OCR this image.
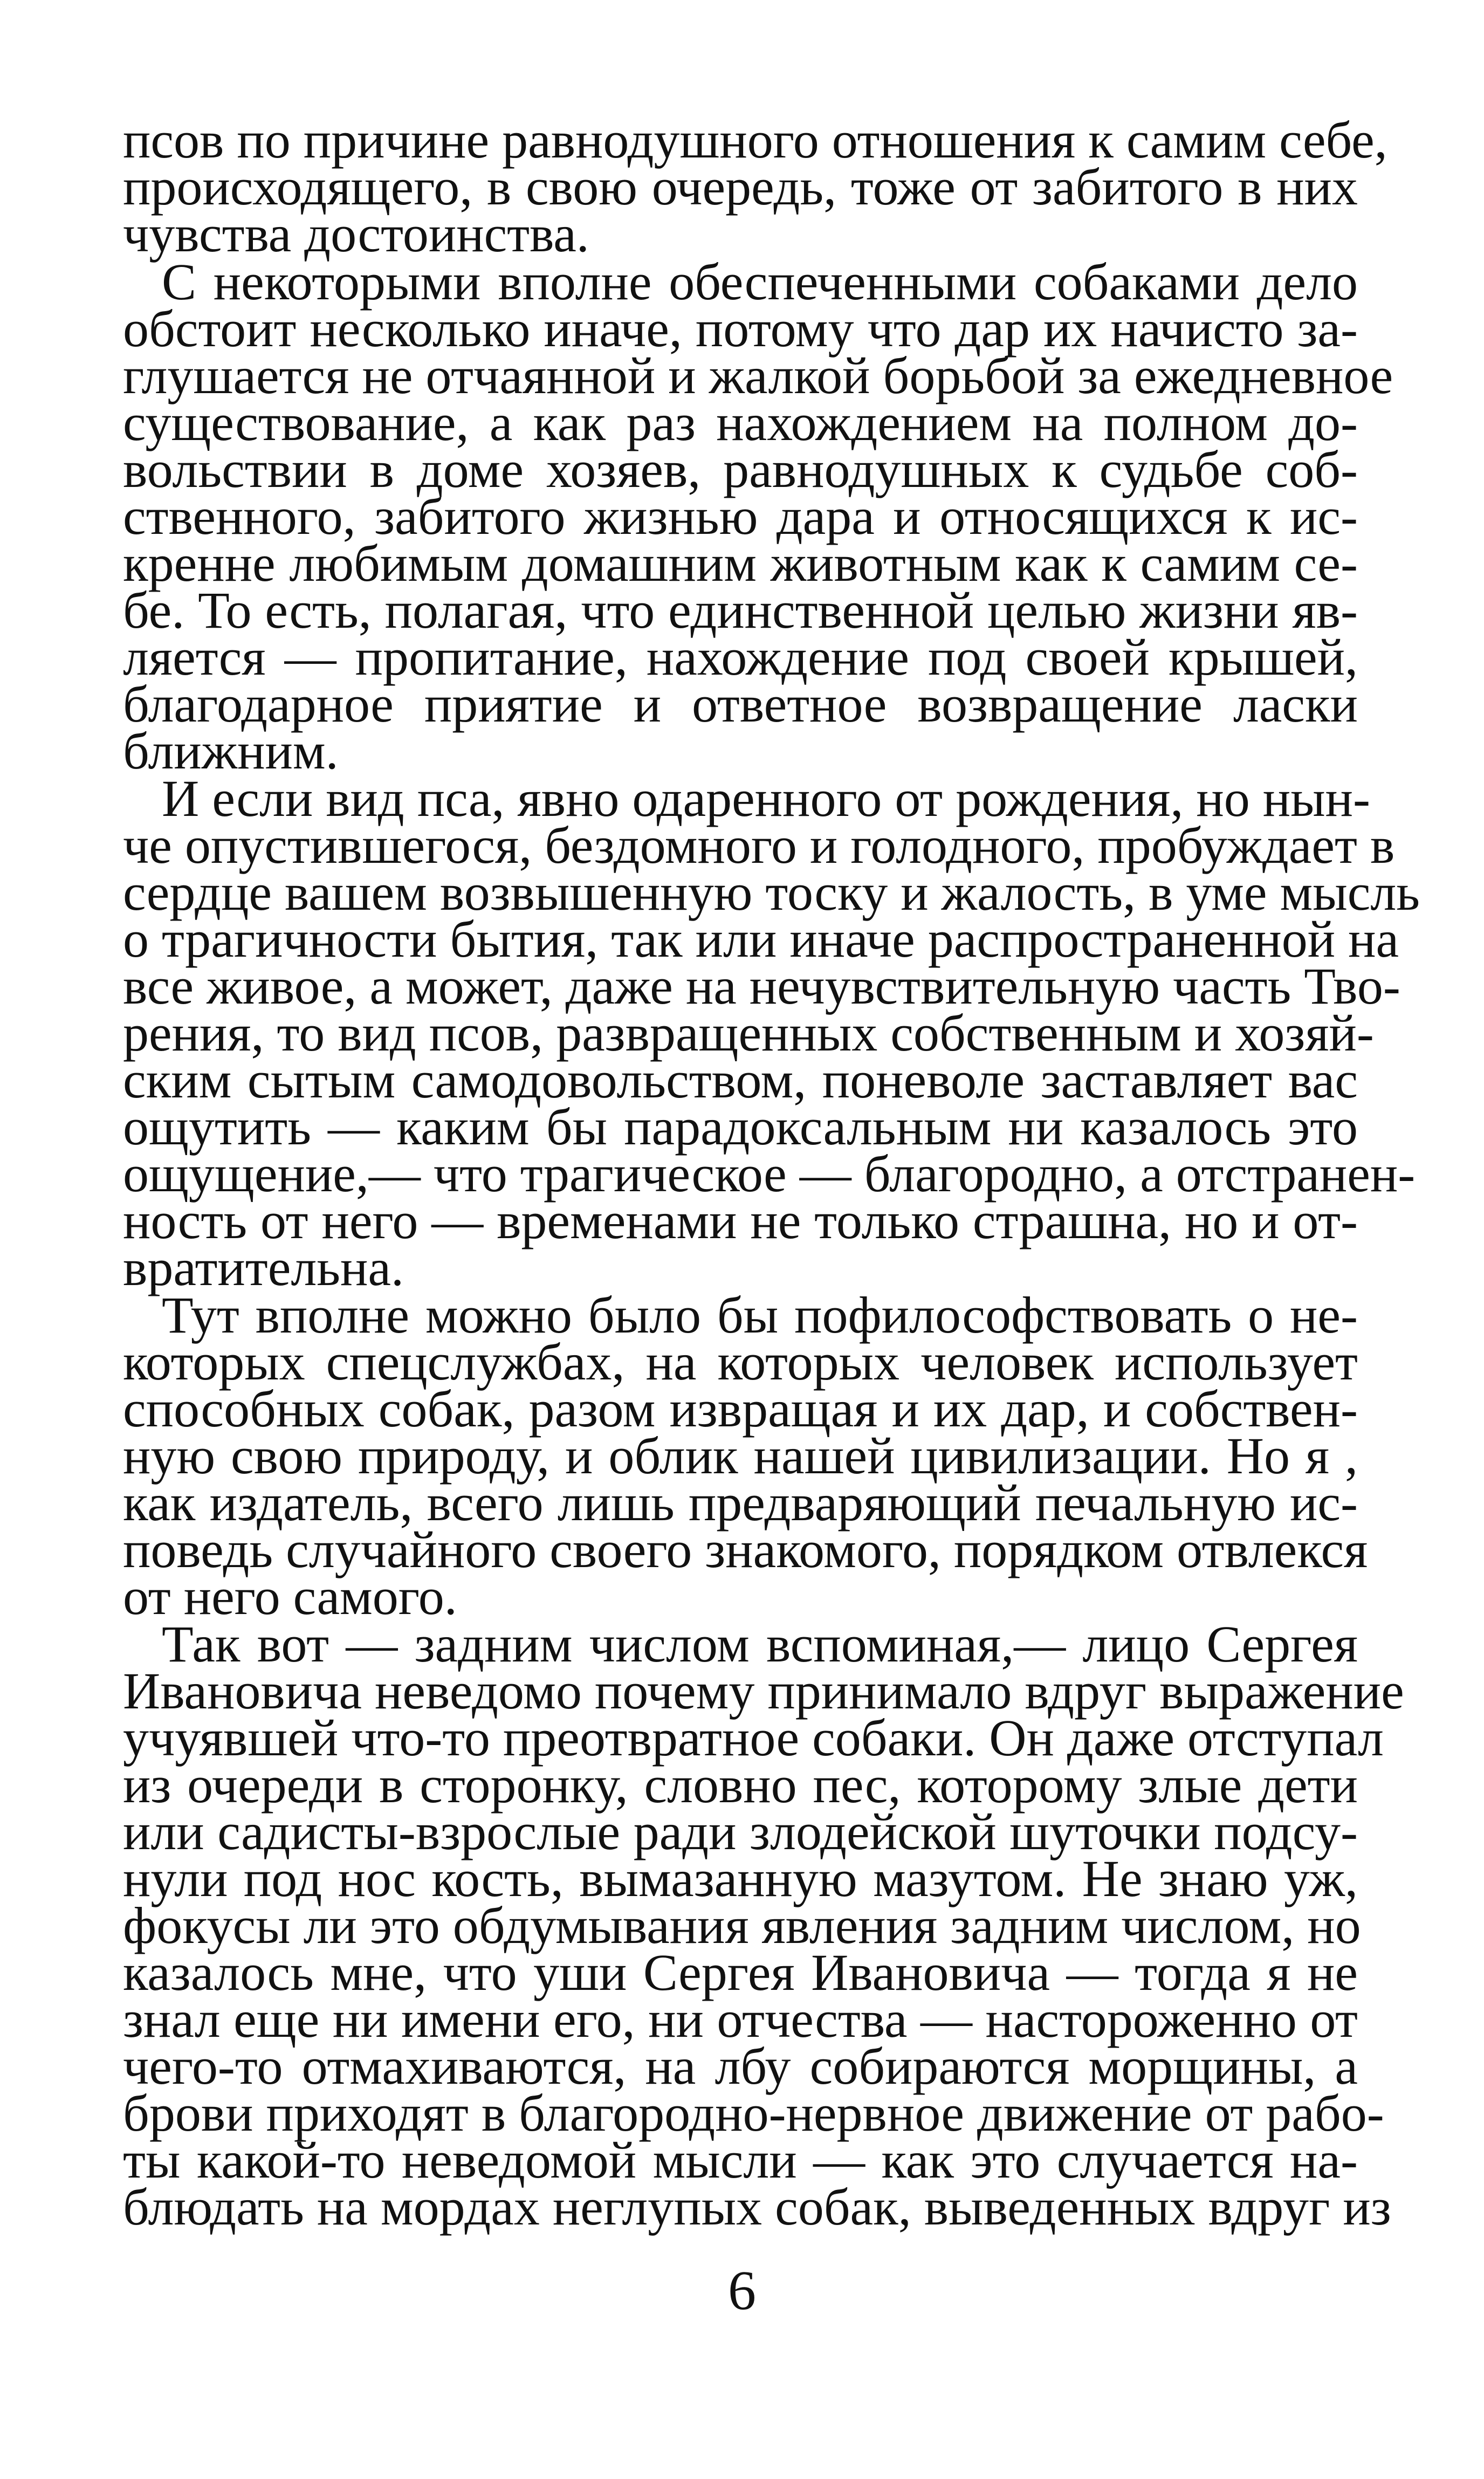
псов по причине равнодушного отношения к самим себе,
происходящего, в свою очередь, тоже от забитого в них
чувства достоинства.
С некоторыми вполне обеспеченными собаками дело
обстоит несколько иначе, потому что дар их начисто за-
глушается не отчаянной и жалкой борьбой за ежедневное
существование, а как раз нахождением на полном до-
вольствии в доме хозяев, равнодушных к судьбе соб-
ственного, забитого жизнью дара и относящихся к ис-
кренне любимым домашним животным как к самим се-
бе. То есть, полагая, что единственной целью жизни яв-
ляется — пропитание, нахождение под своей крышей,
благодарное приятие и ответное возвращение ласки
ближним.
И если вид пса, явно одаренного от рождения, но нын-
че опустившегося, бездомного и голодного, пробуждает в
сердце вашем возвышенную тоску и жалость, в уме мысль
о трагичности бытия, так или иначе распространенной на
все живое, а может, даже на нечувствительную часть Тво-
рения, то вид псов, развращенных собственным и хозяй-
ским сытым самодовольством, поневоле заставляет вас
ощутить — каким бы парадоксальным ни казалось это
ощущение,— что трагическое — благородно, а отстранен-
ность от него — временами не только страшна, но и от-
вратительна.
Тут вполне можно было бы пофилософствовать о не-
которых спецслужбах, на которых человек использует
способных собак, разом извращая и их дар, и собствен-
ную свою природу, и облик нашей цивилизации. Но я ,
как издатель, всего лишь предваряющий печальную ис-
поведь случайного своего знакомого, порядком отвлекся
от него самого.
Так вот — задним числом вспоминая,— лицо Сергея
Ивановича неведомо почему принимало вдруг выражение
учуявшей что-то преотвратное собаки. Он даже отступал
из очереди в сторонку, словно пес, которому злые дети
или садисты-взрослые ради злодейской шуточки подсу-
нули под нос кость, вымазанную мазутом. Не знаю уж,
фокусы ли это обдумывания явления задним числом, но
казалось мне, что уши Сергея Ивановича — тогда я не
знал еще ни имени его, ни отчества — настороженно от
чего-то отмахиваются, на лбу собираются морщины, а
брови приходят в благородно-нервное движение от рабо-
ты какой-то неведомой мысли — как это случается на-
блюдать на мордах неглупых собак, выведенных вдруг из
6
